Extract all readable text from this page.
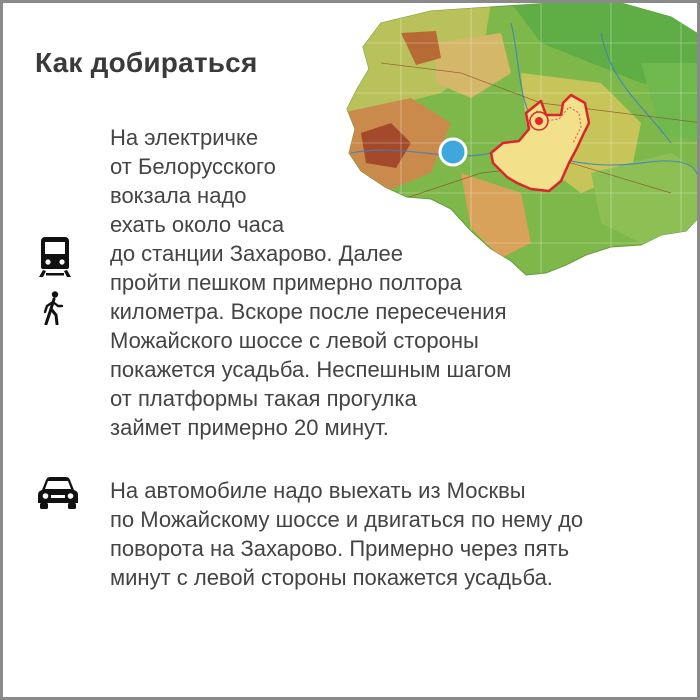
Как добираться
На электричке
от Белорусского
вокзала надо
ехать около часа
до станции Захарово. Далее
пройти пешком примерно полтора
километра. Вскоре после пересечения
Можайского шоссе с левой стороны
покажется усадьба. Неспешным шагом
от платформы такая прогулка
займет примерно 20 минут.
На автомобиле надо выехать из Москвы
по Можайскому шоссе и двигаться по нему до
поворота на Захарово. Примерно через пять
минут с левой стороны покажется усадьба.
